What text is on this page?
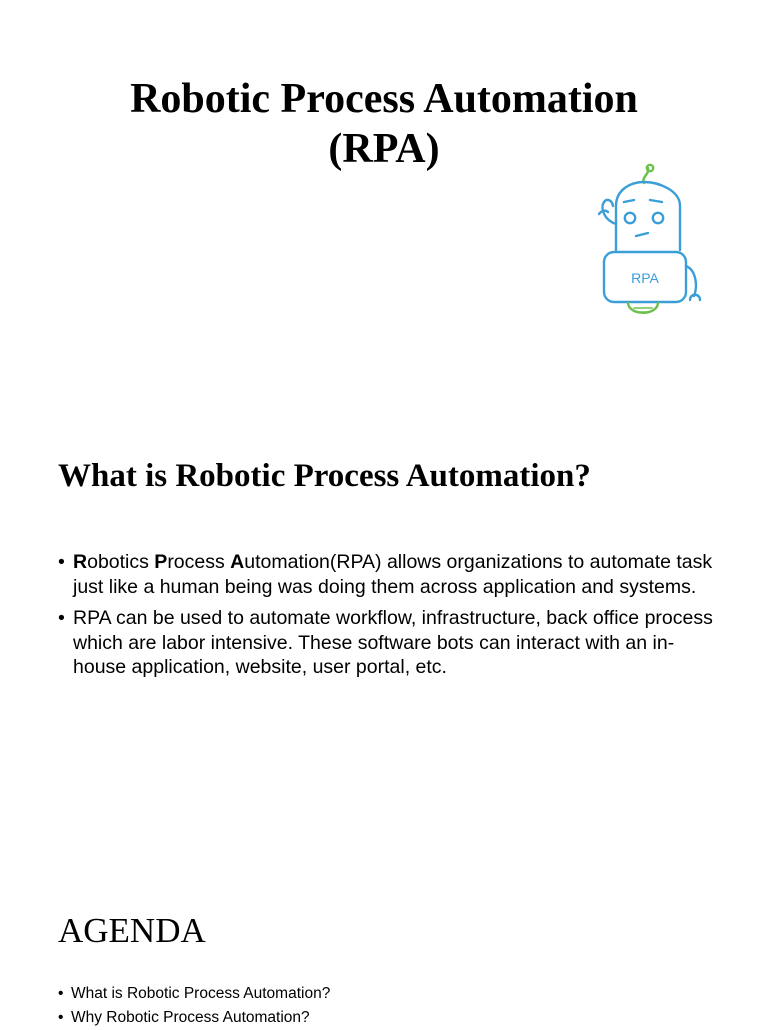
Robotic Process Automation
(RPA)
RPA
What is Robotic Process Automation?
• Robotics Process Automation(RPA) allows organizations to automate task just like a human being was doing them across application and systems.
• RPA can be used to automate workflow, infrastructure, back office process which are labor intensive. These software bots can interact with an in-house application, website, user portal, etc.
AGENDA
• What is Robotic Process Automation?
• Why Robotic Process Automation?
